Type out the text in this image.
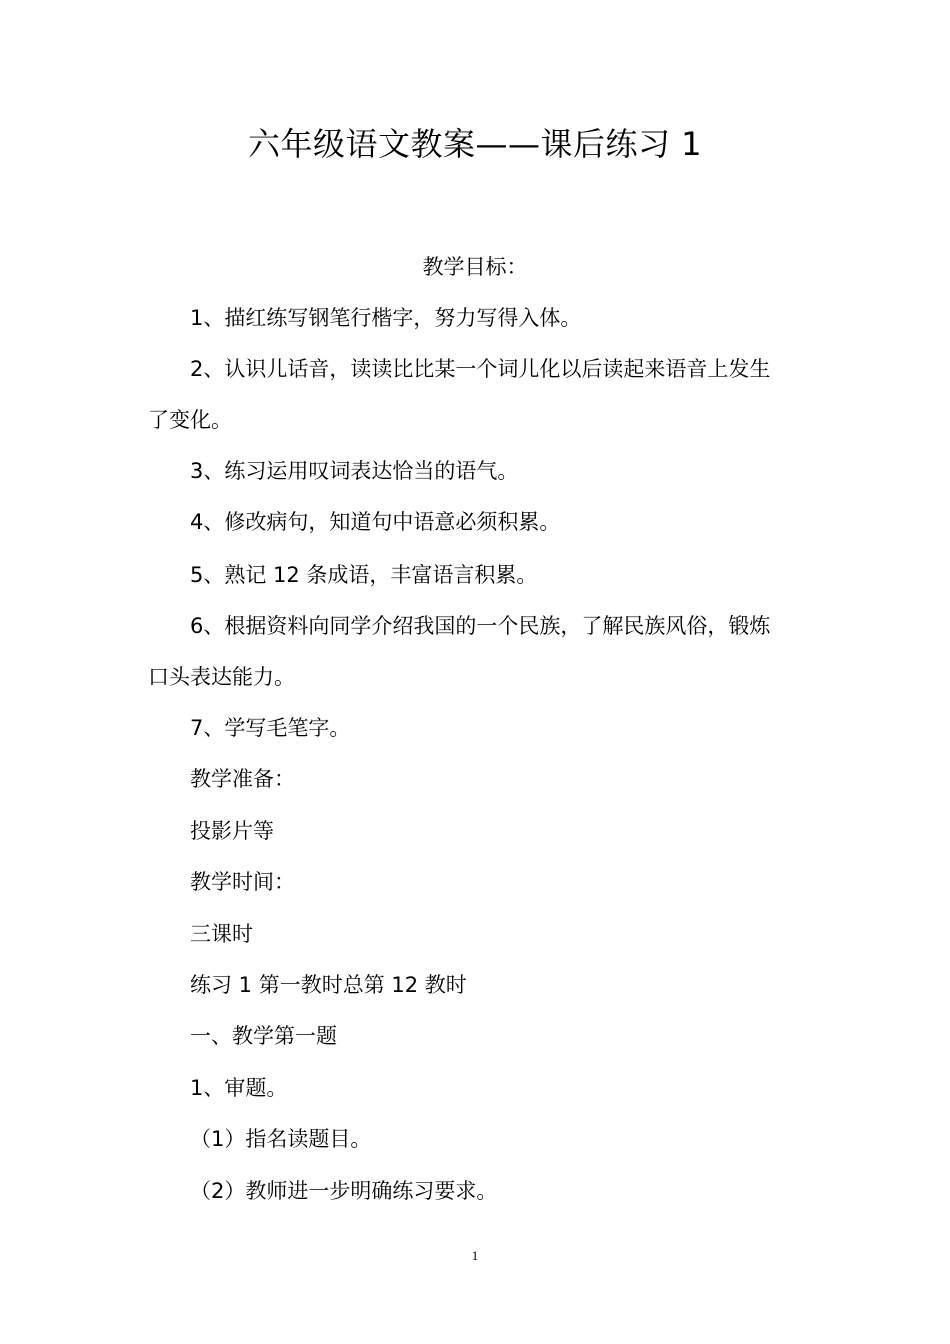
六年级语文教案——课后练习 1
教学目标：
1、描红练写钢笔行楷字，努力写得入体。
2、认识儿话音，读读比比某一个词儿化以后读起来语音上发生
了变化。
3、练习运用叹词表达恰当的语气。
4、修改病句，知道句中语意必须积累。
5、熟记 12 条成语，丰富语言积累。
6、根据资料向同学介绍我国的一个民族，了解民族风俗，锻炼
口头表达能力。
7、学写毛笔字。
教学准备：
投影片等
教学时间：
三课时
练习 1 第一教时总第 12 教时
一、教学第一题
1、审题。
（1）指名读题目。
（2）教师进一步明确练习要求。
1
